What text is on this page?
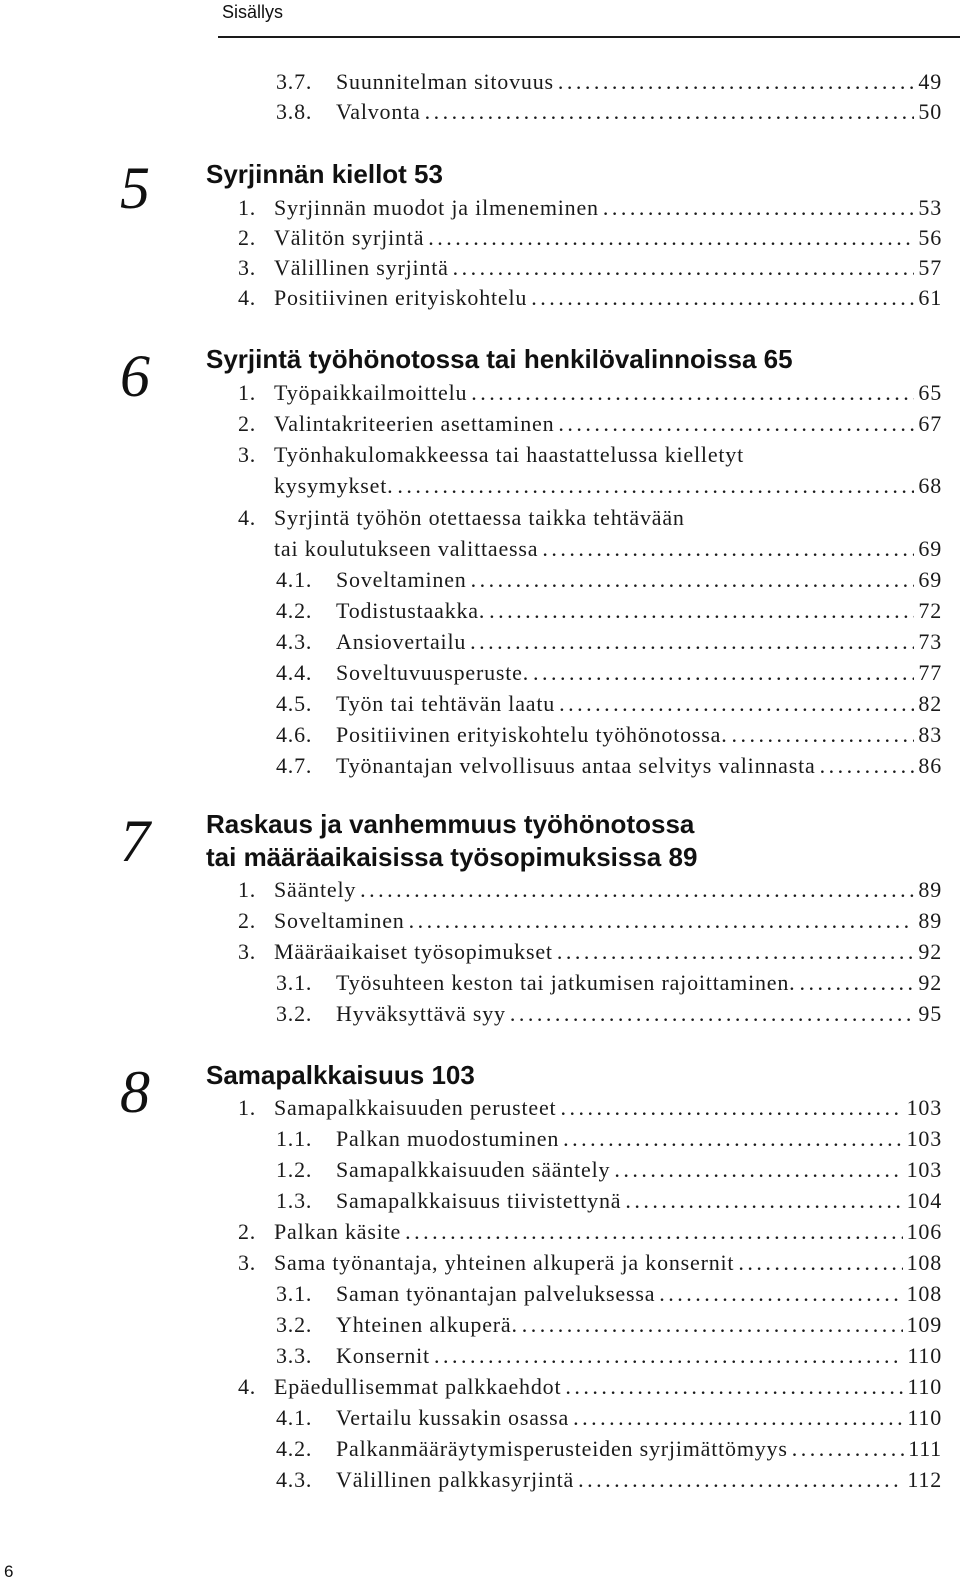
Sisällys
3.7.	Suunnitelman sitovuus . . .	49
3.8.	Valvonta . . .	50
5 Syrjinnän kiellot 53
1. Syrjinnän muodot ja ilmeneminen . . .	53
2. Välitön syrjintä . . .	56
3. Välillinen syrjintä . . .	57
4. Positiivinen erityiskohtelu . . .	61
6 Syrjintä työhönotossa tai henkilövalinnoissa 65
1. Työpaikkailmoittelu . . .	65
2. Valintakriteerien asettaminen . . .	67
3. Työnhakulomakkeessa tai haastattelussa kielletyt
kysymykset. . . .	68
4. Syrjintä työhön otettaessa taikka tehtävään
tai koulutukseen valittaessa . . .	69
4.1.	Soveltaminen . . .	69
4.2.	Todistustaakka. . . .	72
4.3.	Ansiovertailu . . .	73
4.4.	Soveltuvuusperuste. . . .	77
4.5.	Työn tai tehtävän laatu . . .	82
4.6.	Positiivinen erityiskohtelu työhönotossa. . . .	83
4.7.	Työnantajan velvollisuus antaa selvitys valinnasta . . .	86
7 Raskaus ja vanhemmuus työhönotossa
tai määräaikaisissa työsopimuksissa 89
1. Sääntely . . .	89
2. Soveltaminen . . .	89
3. Määräaikaiset työsopimukset . . .	92
3.1.	Työsuhteen keston tai jatkumisen rajoittaminen. . . .	92
3.2.	Hyväksyttävä syy . . .	95
8 Samapalkkaisuus 103
1. Samapalkkaisuuden perusteet . . .	103
1.1.	Palkan muodostuminen . . .	103
1.2.	Samapalkkaisuuden sääntely . . .	103
1.3.	Samapalkkaisuus tiivistettynä . . .	104
2. Palkan käsite . . .	106
3. Sama työnantaja, yhteinen alkuperä ja konsernit . . .	108
3.1.	Saman työnantajan palveluksessa . . .	108
3.2.	Yhteinen alkuperä. . . .	109
3.3.	Konsernit . . .	110
4. Epäedullisemmat palkkaehdot . . .	110
4.1.	Vertailu kussakin osassa . . .	110
4.2.	Palkanmääräytymisperusteiden syrjimättömyys . . .	111
4.3.	Välillinen palkkasyrjintä . . .	112
6
